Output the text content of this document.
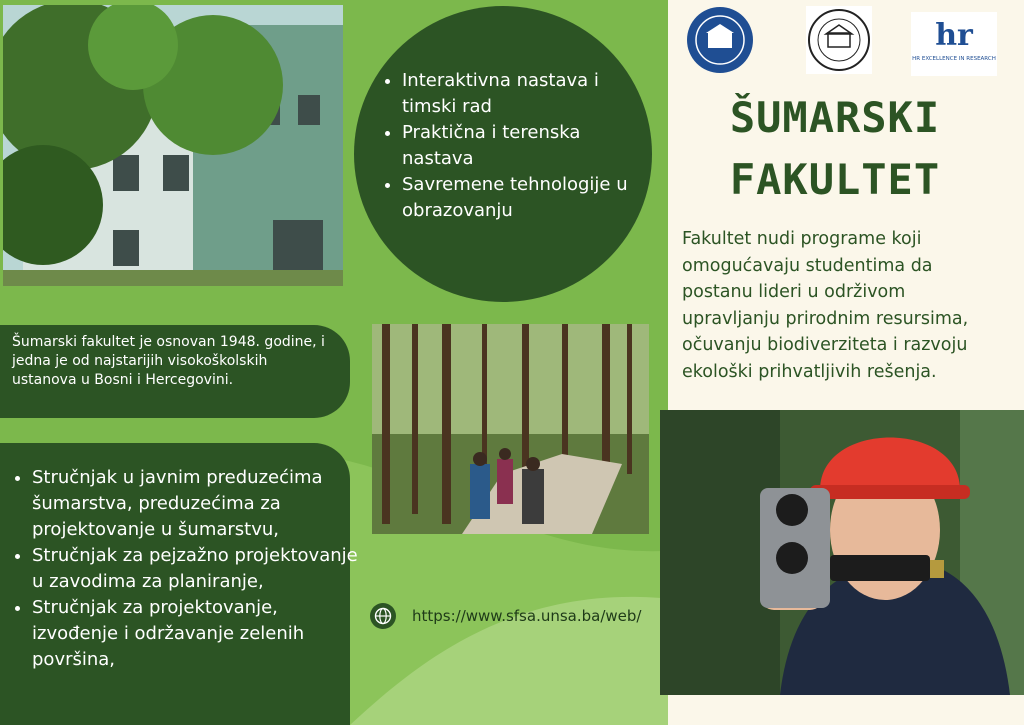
• Interaktivna nastava i timski rad
• Praktična i terenska nastava
• Savremene tehnologije u obrazovanju
hr
HR EXCELLENCE IN RESEARCH
ŠUMARSKI
FAKULTET
Fakultet nudi programe koji omogućavaju studentima da postanu lideri u održivom upravljanju prirodnim resursima, očuvanju biodiverziteta i razvoju ekološki prihvatljivih rešenja.

Šumarski fakultet je osnovan 1948. godine, i jedna je od najstarijih visokoškolskih ustanova u Bosni i Hercegovini.

• Stručnjak u javnim preduzećima šumarstva, preduzećima za projektovanje u šumarstvu,
• Stručnjak za pejzažno projektovanje u zavodima za planiranje,
• Stručnjak za projektovanje, izvođenje i održavanje zelenih površina,
https://www.sfsa.unsa.ba/web/
